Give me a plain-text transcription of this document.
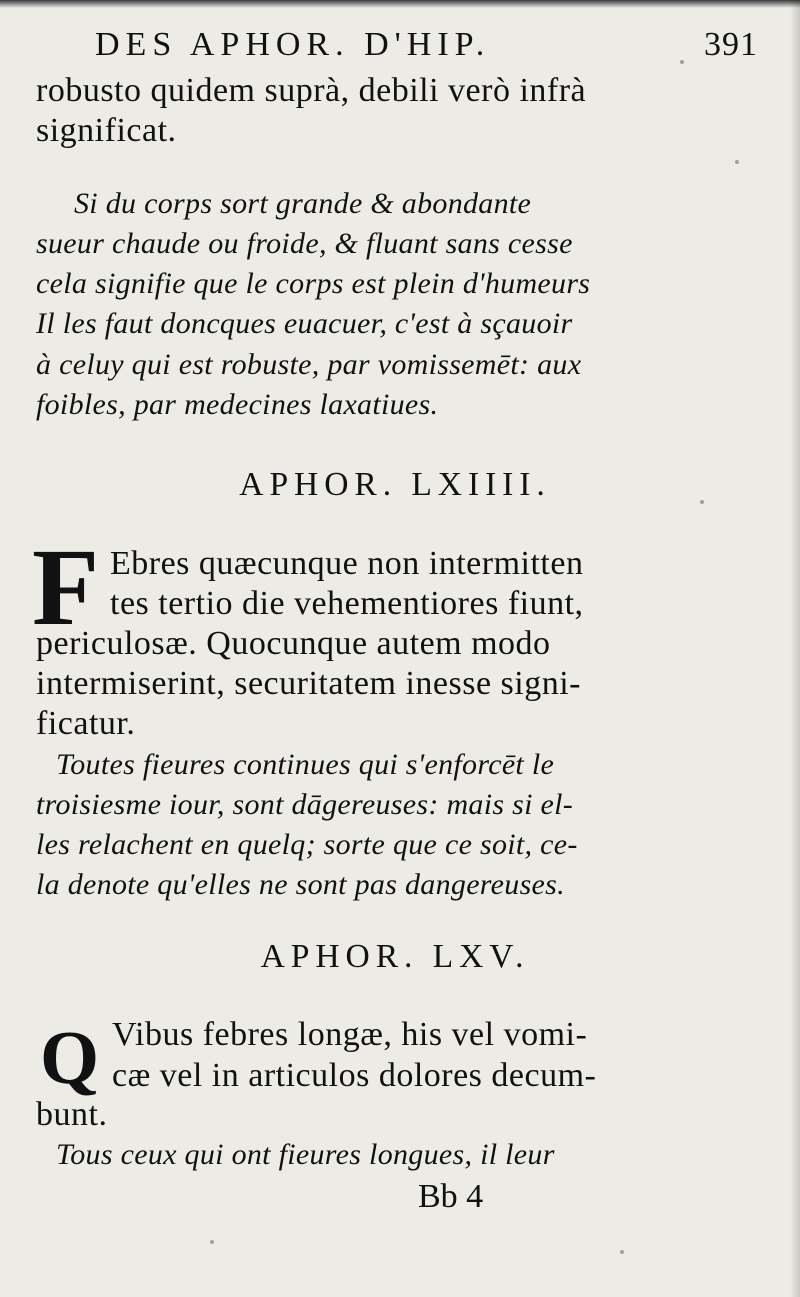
DES APHOR. D'HIP.	391
robusto quidem suprà, debili verò infrà
significat.
Si du corps sort grande & abondante
sueur chaude ou froide, & fluant sans cesse
cela signifie que le corps est plein d'humeurs
Il les faut doncques euacuer, c'est à sçauoir
à celuy qui est robuste, par vomissemēt: aux
foibles, par medecines laxatiues.
APHOR. LXIIII.
F Ebres quæcunque non intermitten
tes tertio die vehementiores fiunt,
periculosæ. Quocunque autem modo
intermiserint, securitatem inesse signi-
ficatur.
Toutes fieures continues qui s'enforcēt le
troisiesme iour, sont dāgereuses: mais si el-
les relachent en quelq; sorte que ce soit, ce-
la denote qu'elles ne sont pas dangereuses.
APHOR. LXV.
Q Vibus febres longæ, his vel vomi-
cæ vel in articulos dolores decum-
bunt.
Tous ceux qui ont fieures longues, il leur
Bb 4
